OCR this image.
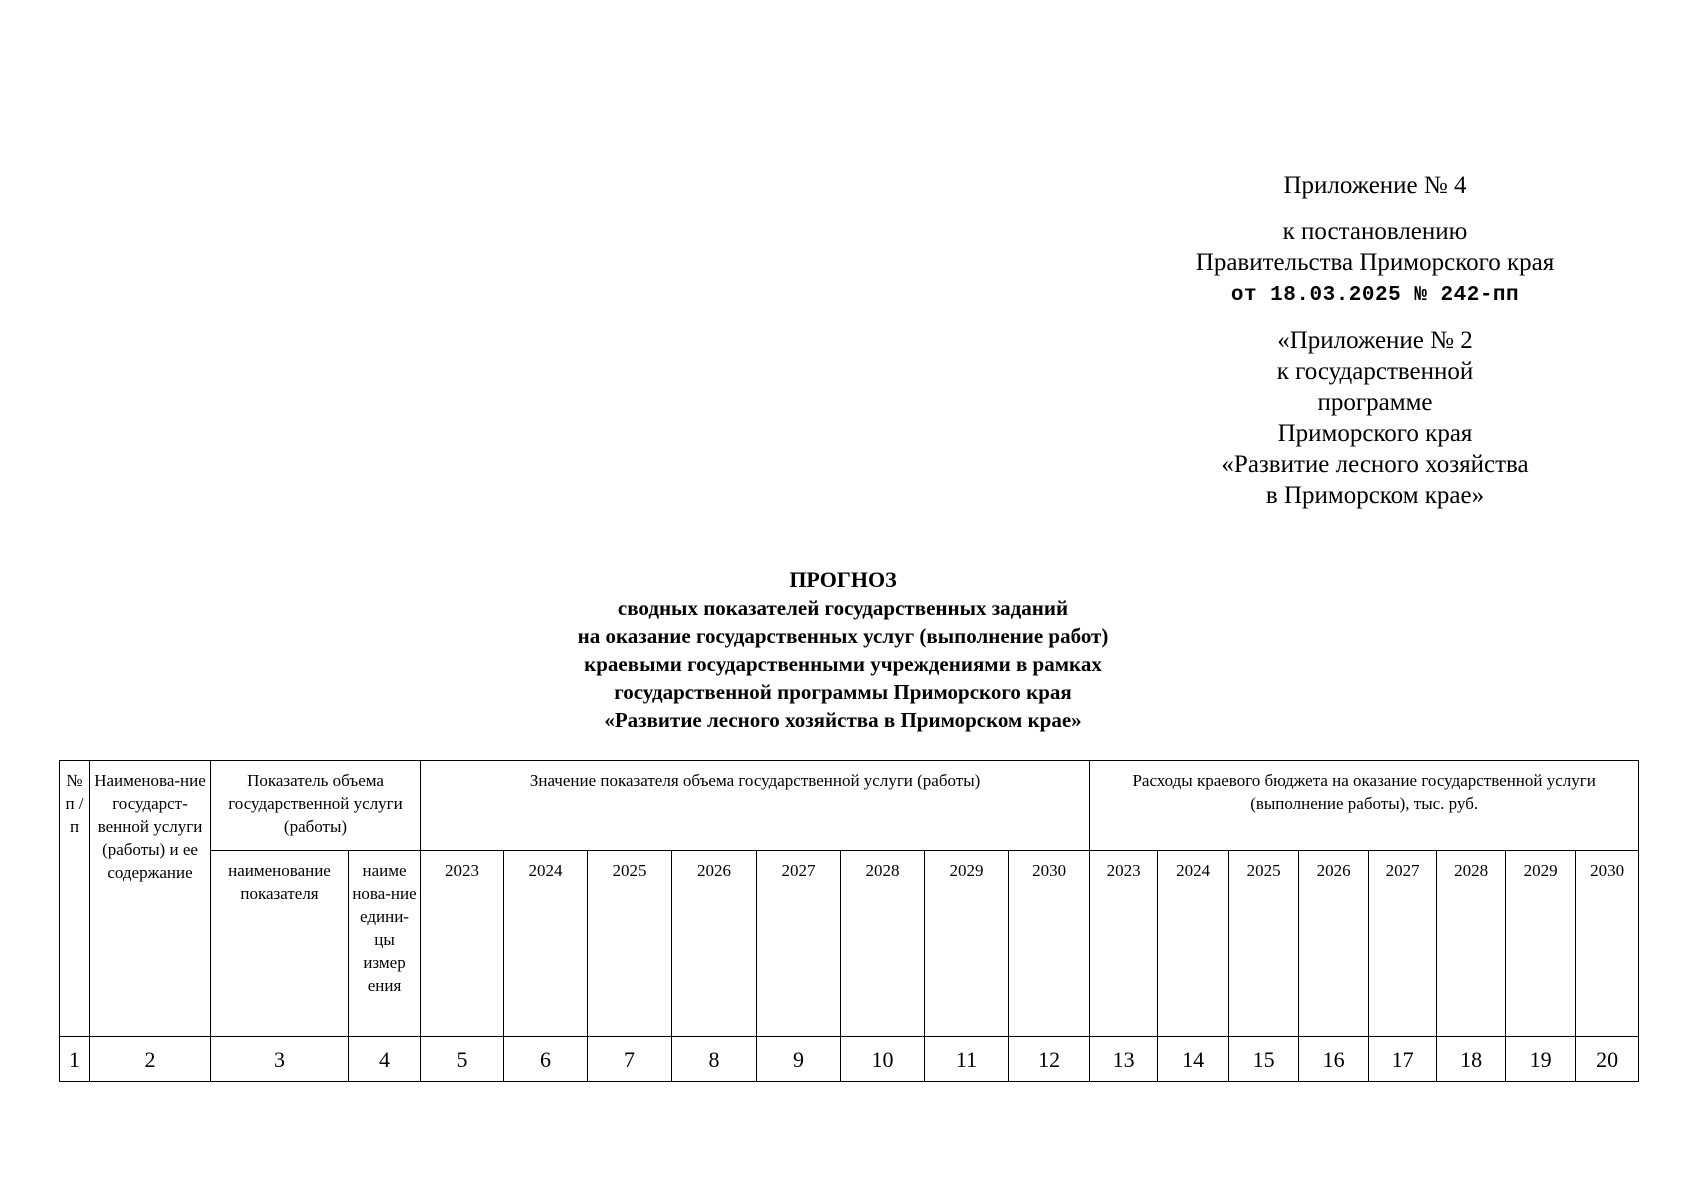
Приложение № 4
к постановлению
Правительства Приморского края
от 18.03.2025 № 242-пп
«Приложение № 2
к государственной
программе
Приморского края
«Развитие лесного хозяйства
в Приморском крае»
ПРОГНОЗ
сводных показателей государственных заданий
на оказание государственных услуг (выполнение работ)
краевыми государственными учреждениями в рамках
государственной программы Приморского края
«Развитие лесного хозяйства в Приморском крае»
№ п / п	Наименова-ние государст-венной услуги (работы) и ее содержание	Показатель объема государственной услуги (работы)		Значение показателя объема государственной услуги (работы)								Расходы краевого бюджета на оказание государственной услуги (выполнение работы), тыс. руб.							
		наименование показателя	наиме нова-ние едини-цы измер ения	2023	2024	2025	2026	2027	2028	2029	2030	2023	2024	2025	2026	2027	2028	2029	2030
1	2	3	4	5	6	7	8	9	10	11	12	13	14	15	16	17	18	19	20
